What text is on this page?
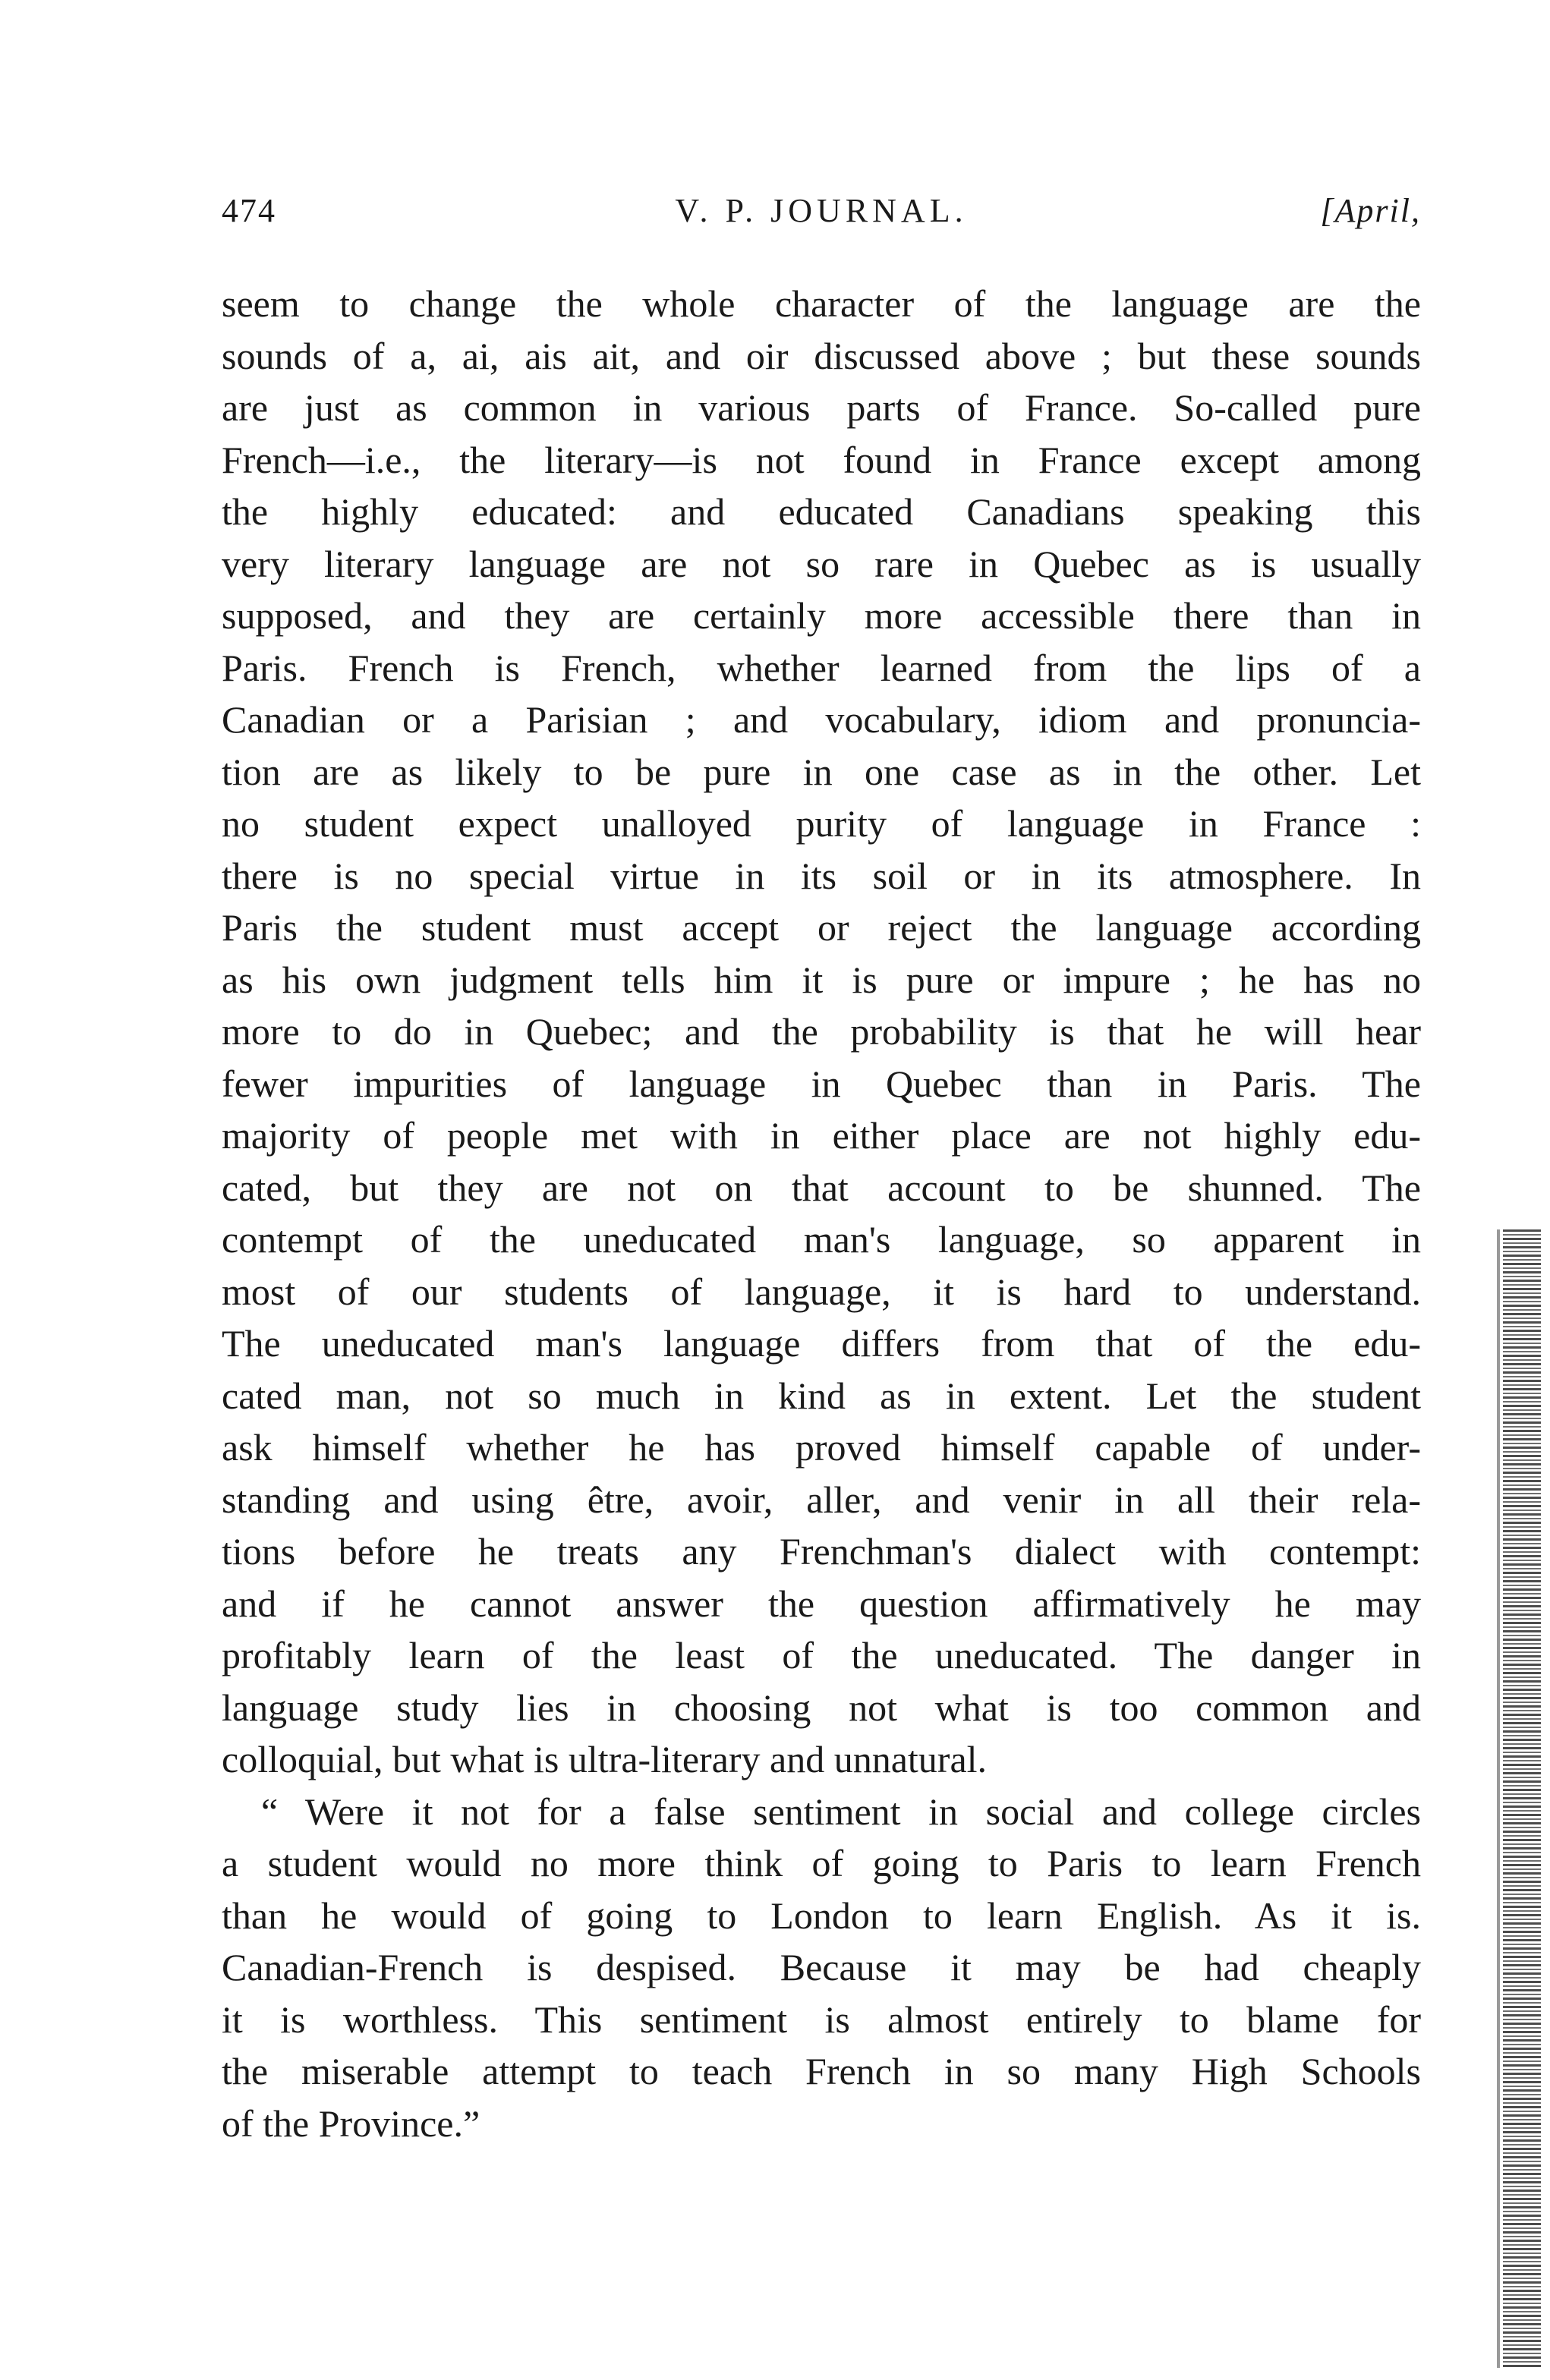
474	V. P. JOURNAL.	[April,
seem to change the whole character of the language are the
sounds of a, ai, ais ait, and oir discussed above ; but these sounds
are just as common in various parts of France. So-called pure
French—i.e., the literary—is not found in France except among
the highly educated: and educated Canadians speaking this
very literary language are not so rare in Quebec as is usually
supposed, and they are certainly more accessible there than in
Paris. French is French, whether learned from the lips of a
Canadian or a Parisian ; and vocabulary, idiom and pronuncia-
tion are as likely to be pure in one case as in the other. Let
no student expect unalloyed purity of language in France :
there is no special virtue in its soil or in its atmosphere. In
Paris the student must accept or reject the language according
as his own judgment tells him it is pure or impure ; he has no
more to do in Quebec; and the probability is that he will hear
fewer impurities of language in Quebec than in Paris. The
majority of people met with in either place are not highly edu-
cated, but they are not on that account to be shunned. The
contempt of the uneducated man's language, so apparent in
most of our students of language, it is hard to understand.
The uneducated man's language differs from that of the edu-
cated man, not so much in kind as in extent. Let the student
ask himself whether he has proved himself capable of under-
standing and using être, avoir, aller, and venir in all their rela-
tions before he treats any Frenchman's dialect with contempt:
and if he cannot answer the question affirmatively he may
profitably learn of the least of the uneducated. The danger in
language study lies in choosing not what is too common and
colloquial, but what is ultra-literary and unnatural.
“ Were it not for a false sentiment in social and college circles
a student would no more think of going to Paris to learn French
than he would of going to London to learn English. As it is.
Canadian-French is despised. Because it may be had cheaply
it is worthless. This sentiment is almost entirely to blame for
the miserable attempt to teach French in so many High Schools
of the Province.”
